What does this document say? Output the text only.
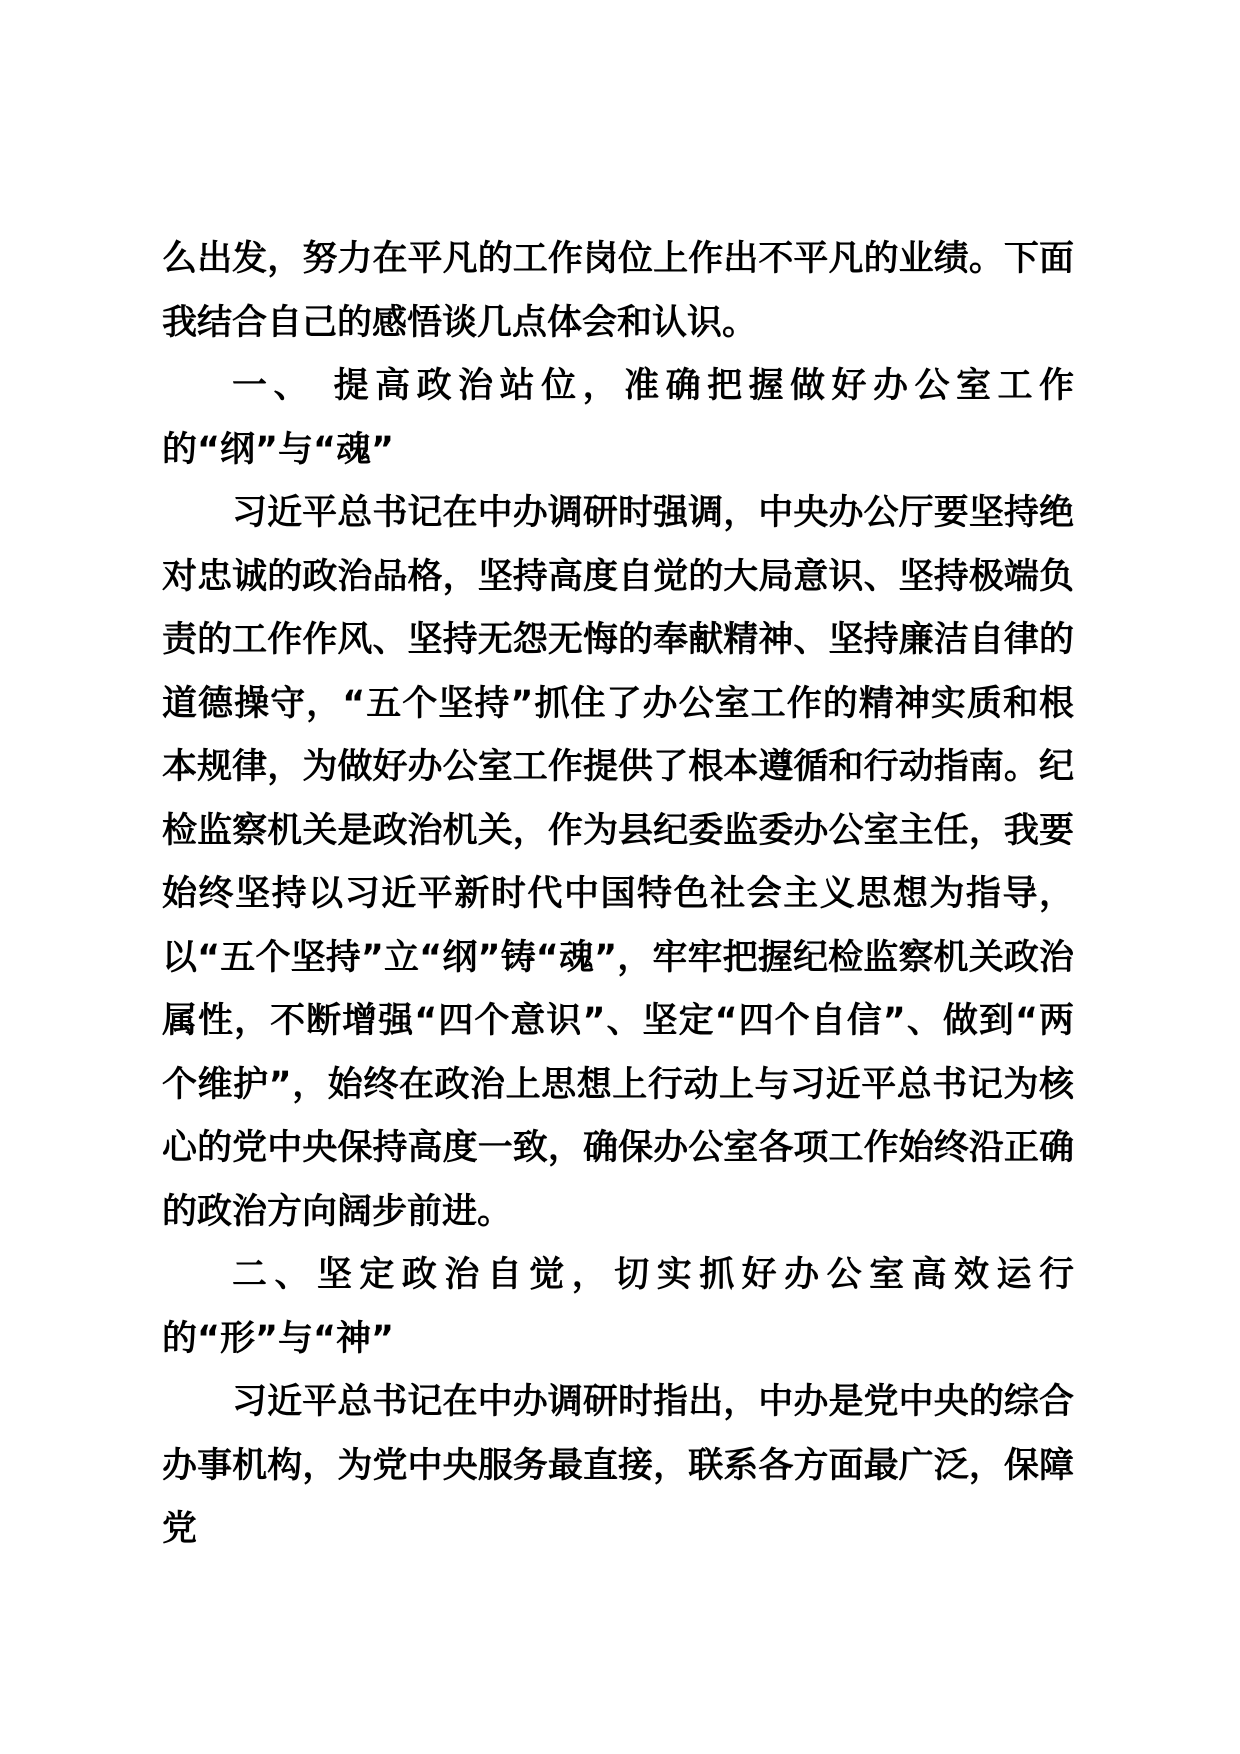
么出发，努力在平凡的工作岗位上作出不平凡的业绩。下面我结合自己的感悟谈几点体会和认识。

一、 提高政治站位，准确把握做好办公室工作的“纲”与“魂”

习近平总书记在中办调研时强调，中央办公厅要坚持绝对忠诚的政治品格，坚持高度自觉的大局意识、坚持极端负责的工作作风、坚持无怨无悔的奉献精神、坚持廉洁自律的道德操守，“五个坚持”抓住了办公室工作的精神实质和根本规律，为做好办公室工作提供了根本遵循和行动指南。纪检监察机关是政治机关，作为县纪委监委办公室主任，我要始终坚持以习近平新时代中国特色社会主义思想为指导，以“五个坚持”立“纲”铸“魂”，牢牢把握纪检监察机关政治属性，不断增强“四个意识”、坚定“四个自信”、做到“两个维护”，始终在政治上思想上行动上与习近平总书记为核心的党中央保持高度一致，确保办公室各项工作始终沿正确的政治方向阔步前进。

二、坚定政治自觉，切实抓好办公室高效运行的“形”与“神”

习近平总书记在中办调研时指出，中办是党中央的综合办事机构，为党中央服务最直接，联系各方面最广泛，保障党
